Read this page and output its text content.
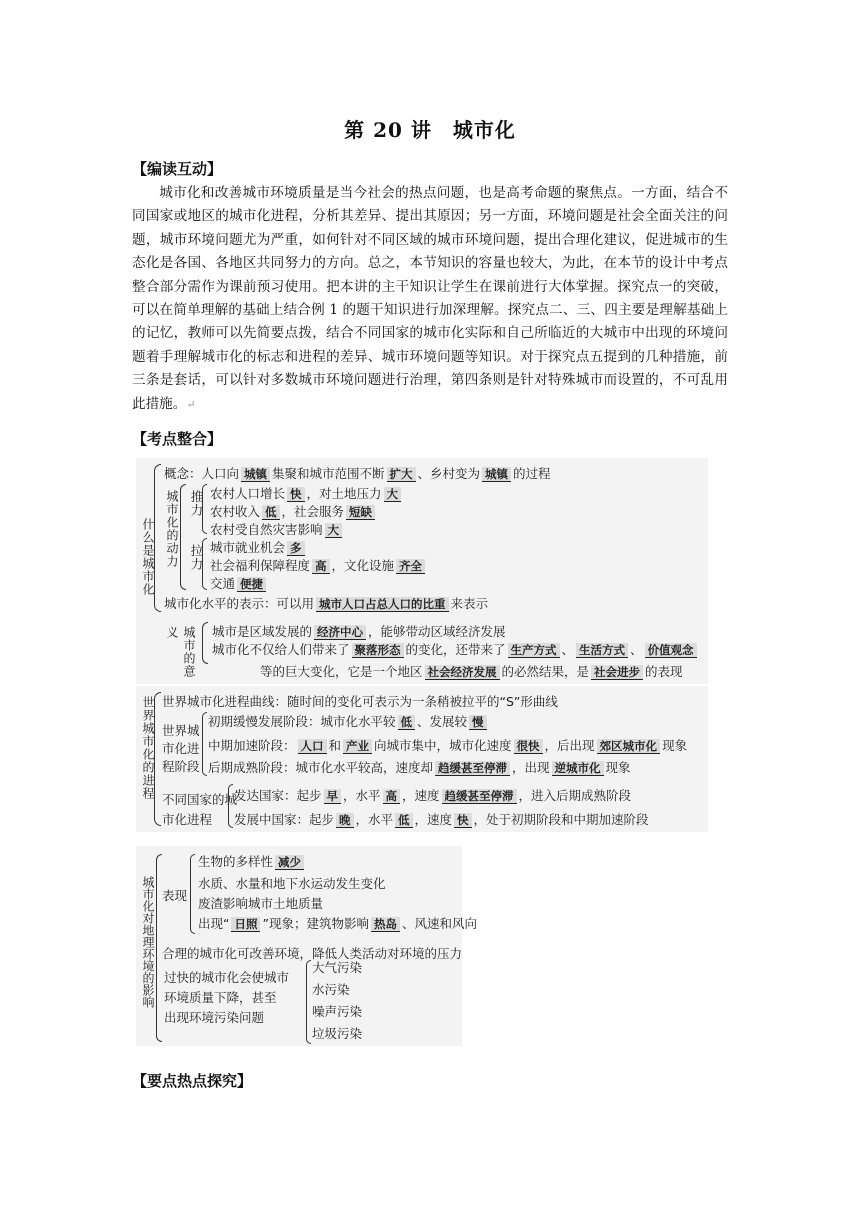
第 20 讲　城市化
【编读互动】
城市化和改善城市环境质量是当今社会的热点问题，也是高考命题的聚焦点。一方面，结合不同国家或地区的城市化进程，分析其差异、提出其原因；另一方面，环境问题是社会全面关注的问题，城市环境问题尤为严重，如何针对不同区域的城市环境问题，提出合理化建议，促进城市的生态化是各国、各地区共同努力的方向。总之，本节知识的容量也较大，为此，在本节的设计中考点整合部分需作为课前预习使用。把本讲的主干知识让学生在课前进行大体掌握。探究点一的突破，可以在简单理解的基础上结合例 1 的题干知识进行加深理解。探究点二、三、四主要是理解基础上的记忆，教师可以先简要点拨，结合不同国家的城市化实际和自己所临近的大城市中出现的环境问题着手理解城市化的标志和进程的差异、城市环境问题等知识。对于探究点五提到的几种措施，前三条是套话，可以针对多数城市环境问题进行治理，第四条则是针对特殊城市而设置的，不可乱用此措施。↵
【考点整合】
什么是城市化
概念：人口向 城镇 集聚和城市范围不断 扩大 、乡村变为 城镇 的过程
城市化的动力 推力 农村人口增长 快 ，对土地压力 大
农村收入 低 ，社会服务 短缺
农村受自然灾害影响 大
拉力 城市就业机会 多
社会福利保障程度 高 ，文化设施 齐全
交通 便捷
城市化水平的表示：可以用 城市人口占总人口的比重 来表示
城市的意义	城市是区域发展的 经济中心 ，能够带动区域经济发展
城市化不仅给人们带来了 聚落形态 的变化，还带来了 生产方式 、 生活方式 、 价值观念
等的巨大变化，它是一个地区 社会经济发展 的必然结果，是 社会进步 的表现
世界城市化的进程 世界城市化进程曲线：随时间的变化可表示为一条稍被拉平的“S”形曲线
世界城市化进程阶段
初期缓慢发展阶段：城市化水平较 低 、发展较 慢
中期加速阶段： 人口 和 产业 向城市集中，城市化速度 很快 ，后出现 郊区城市化 现象
后期成熟阶段：城市化水平较高，速度却 趋缓甚至停滞 ，出现 逆城市化 现象
不同国家的城市化进程
发达国家：起步 早 ，水平 高 ，速度 趋缓甚至停滞 ，进入后期成熟阶段
发展中国家：起步 晚 ，水平 低 ，速度 快 ，处于初期阶段和中期加速阶段
城市化对地理环境的影响 表现
生物的多样性 减少
水质、水量和地下水运动发生变化
废渣影响城市土地质量
出现“ 日照 ”现象；建筑物影响 热岛 、风速和风向
合理的城市化可改善环境，降低人类活动对环境的压力
过快的城市化会使城市
环境质量下降，甚至
出现环境污染问题
大气污染
水污染
噪声污染
垃圾污染
【要点热点探究】
